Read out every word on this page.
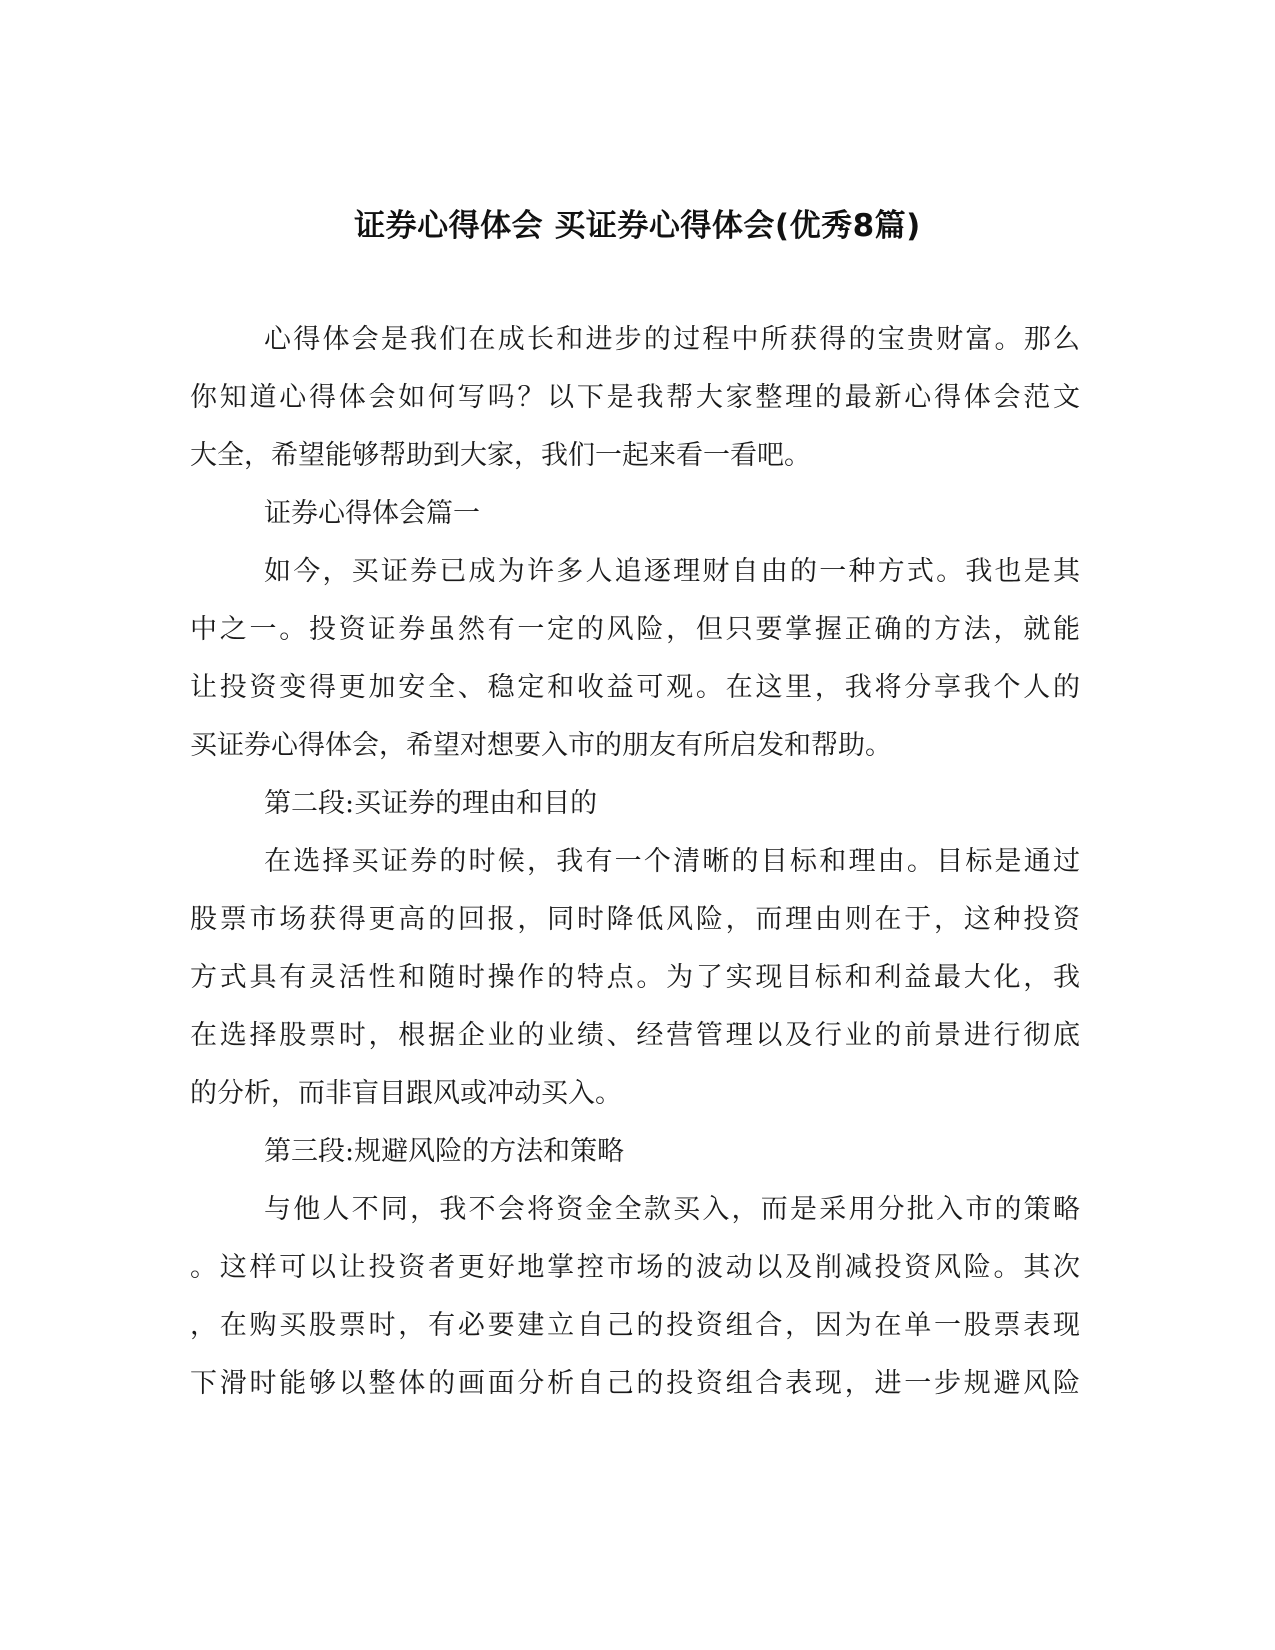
证券心得体会 买证券心得体会(优秀8篇)
心得体会是我们在成长和进步的过程中所获得的宝贵财富。那么
你知道心得体会如何写吗？以下是我帮大家整理的最新心得体会范文
大全，希望能够帮助到大家，我们一起来看一看吧。
证券心得体会篇一
如今，买证券已成为许多人追逐理财自由的一种方式。我也是其
中之一。投资证券虽然有一定的风险，但只要掌握正确的方法，就能
让投资变得更加安全、稳定和收益可观。在这里，我将分享我个人的
买证券心得体会，希望对想要入市的朋友有所启发和帮助。
第二段:买证券的理由和目的
在选择买证券的时候，我有一个清晰的目标和理由。目标是通过
股票市场获得更高的回报，同时降低风险，而理由则在于，这种投资
方式具有灵活性和随时操作的特点。为了实现目标和利益最大化，我
在选择股票时，根据企业的业绩、经营管理以及行业的前景进行彻底
的分析，而非盲目跟风或冲动买入。
第三段:规避风险的方法和策略
与他人不同，我不会将资金全款买入，而是采用分批入市的策略
。这样可以让投资者更好地掌控市场的波动以及削减投资风险。其次
，在购买股票时，有必要建立自己的投资组合，因为在单一股票表现
下滑时能够以整体的画面分析自己的投资组合表现，进一步规避风险
